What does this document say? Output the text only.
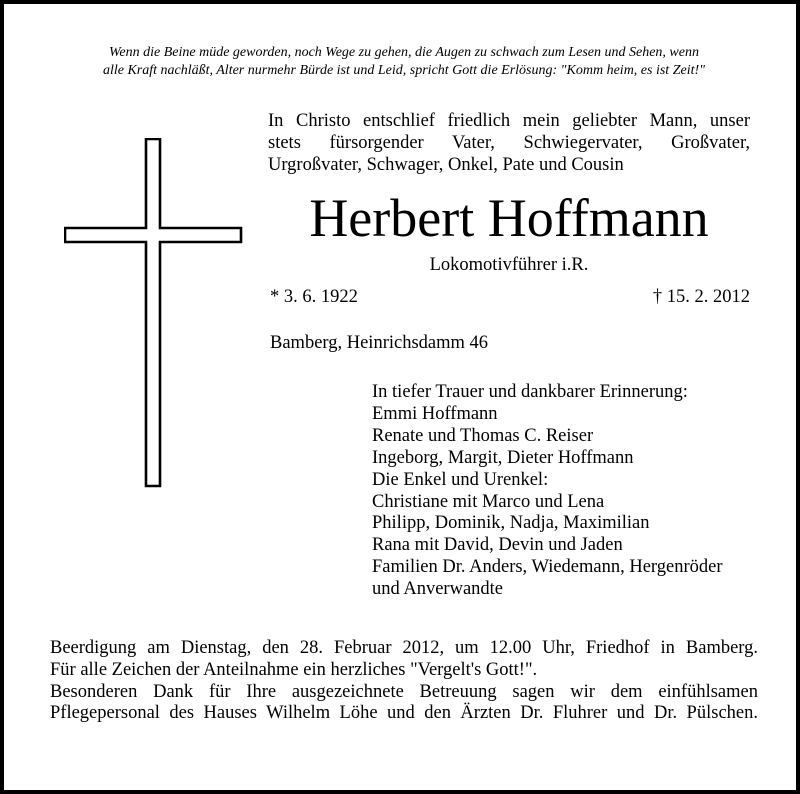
Wenn die Beine müde geworden, noch Wege zu gehen, die Augen zu schwach zum Lesen und Sehen, wenn
alle Kraft nachläßt, Alter nurmehr Bürde ist und Leid, spricht Gott die Erlösung: "Komm heim, es ist Zeit!"
In Christo entschlief friedlich mein geliebter Mann, unser
stets fürsorgender Vater, Schwiegervater, Großvater,
Urgroßvater, Schwager, Onkel, Pate und Cousin
Herbert Hoffmann
Lokomotivführer i.R.
* 3. 6. 1922	† 15. 2. 2012
Bamberg, Heinrichsdamm 46
In tiefer Trauer und dankbarer Erinnerung:
Emmi Hoffmann
Renate und Thomas C. Reiser
Ingeborg, Margit, Dieter Hoffmann
Die Enkel und Urenkel:
Christiane mit Marco und Lena
Philipp, Dominik, Nadja, Maximilian
Rana mit David, Devin und Jaden
Familien Dr. Anders, Wiedemann, Hergenröder
und Anverwandte
Beerdigung am Dienstag, den 28. Februar 2012, um 12.00 Uhr, Friedhof in Bamberg.
Für alle Zeichen der Anteilnahme ein herzliches "Vergelt's Gott!".
Besonderen Dank für Ihre ausgezeichnete Betreuung sagen wir dem einfühlsamen
Pflegepersonal des Hauses Wilhelm Löhe und den Ärzten Dr. Fluhrer und Dr. Pülschen.
